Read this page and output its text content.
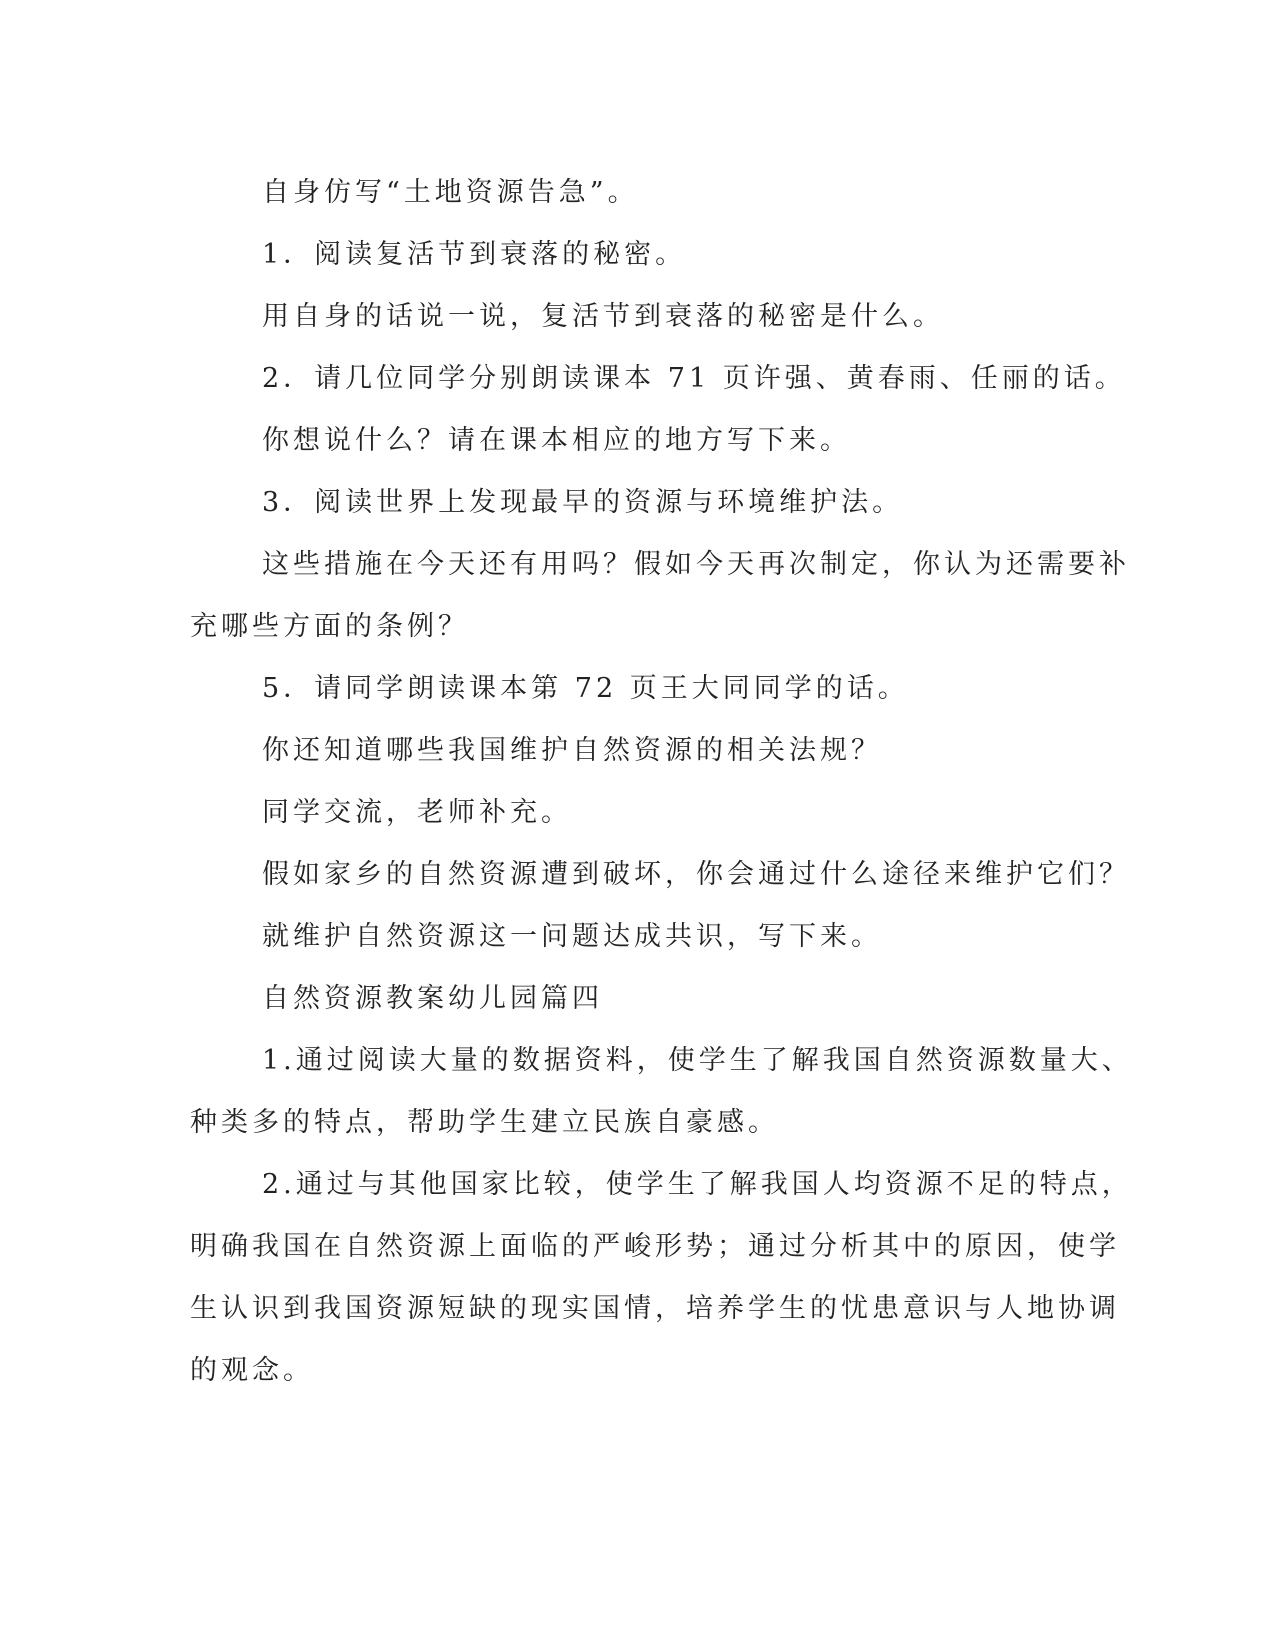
自身仿写“土地资源告急”。
1．阅读复活节到衰落的秘密。
用自身的话说一说，复活节到衰落的秘密是什么。
2．请几位同学分别朗读课本 71 页许强、黄春雨、任丽的话。
你想说什么？请在课本相应的地方写下来。
3．阅读世界上发现最早的资源与环境维护法。
这些措施在今天还有用吗？假如今天再次制定，你认为还需要补
充哪些方面的条例？
5．请同学朗读课本第 72 页王大同同学的话。
你还知道哪些我国维护自然资源的相关法规？
同学交流，老师补充。
假如家乡的自然资源遭到破坏，你会通过什么途径来维护它们？
就维护自然资源这一问题达成共识，写下来。
自然资源教案幼儿园篇四
1.通过阅读大量的数据资料，使学生了解我国自然资源数量大、
种类多的特点，帮助学生建立民族自豪感。
2.通过与其他国家比较，使学生了解我国人均资源不足的特点，
明确我国在自然资源上面临的严峻形势；通过分析其中的原因，使学
生认识到我国资源短缺的现实国情，培养学生的忧患意识与人地协调
的观念。
